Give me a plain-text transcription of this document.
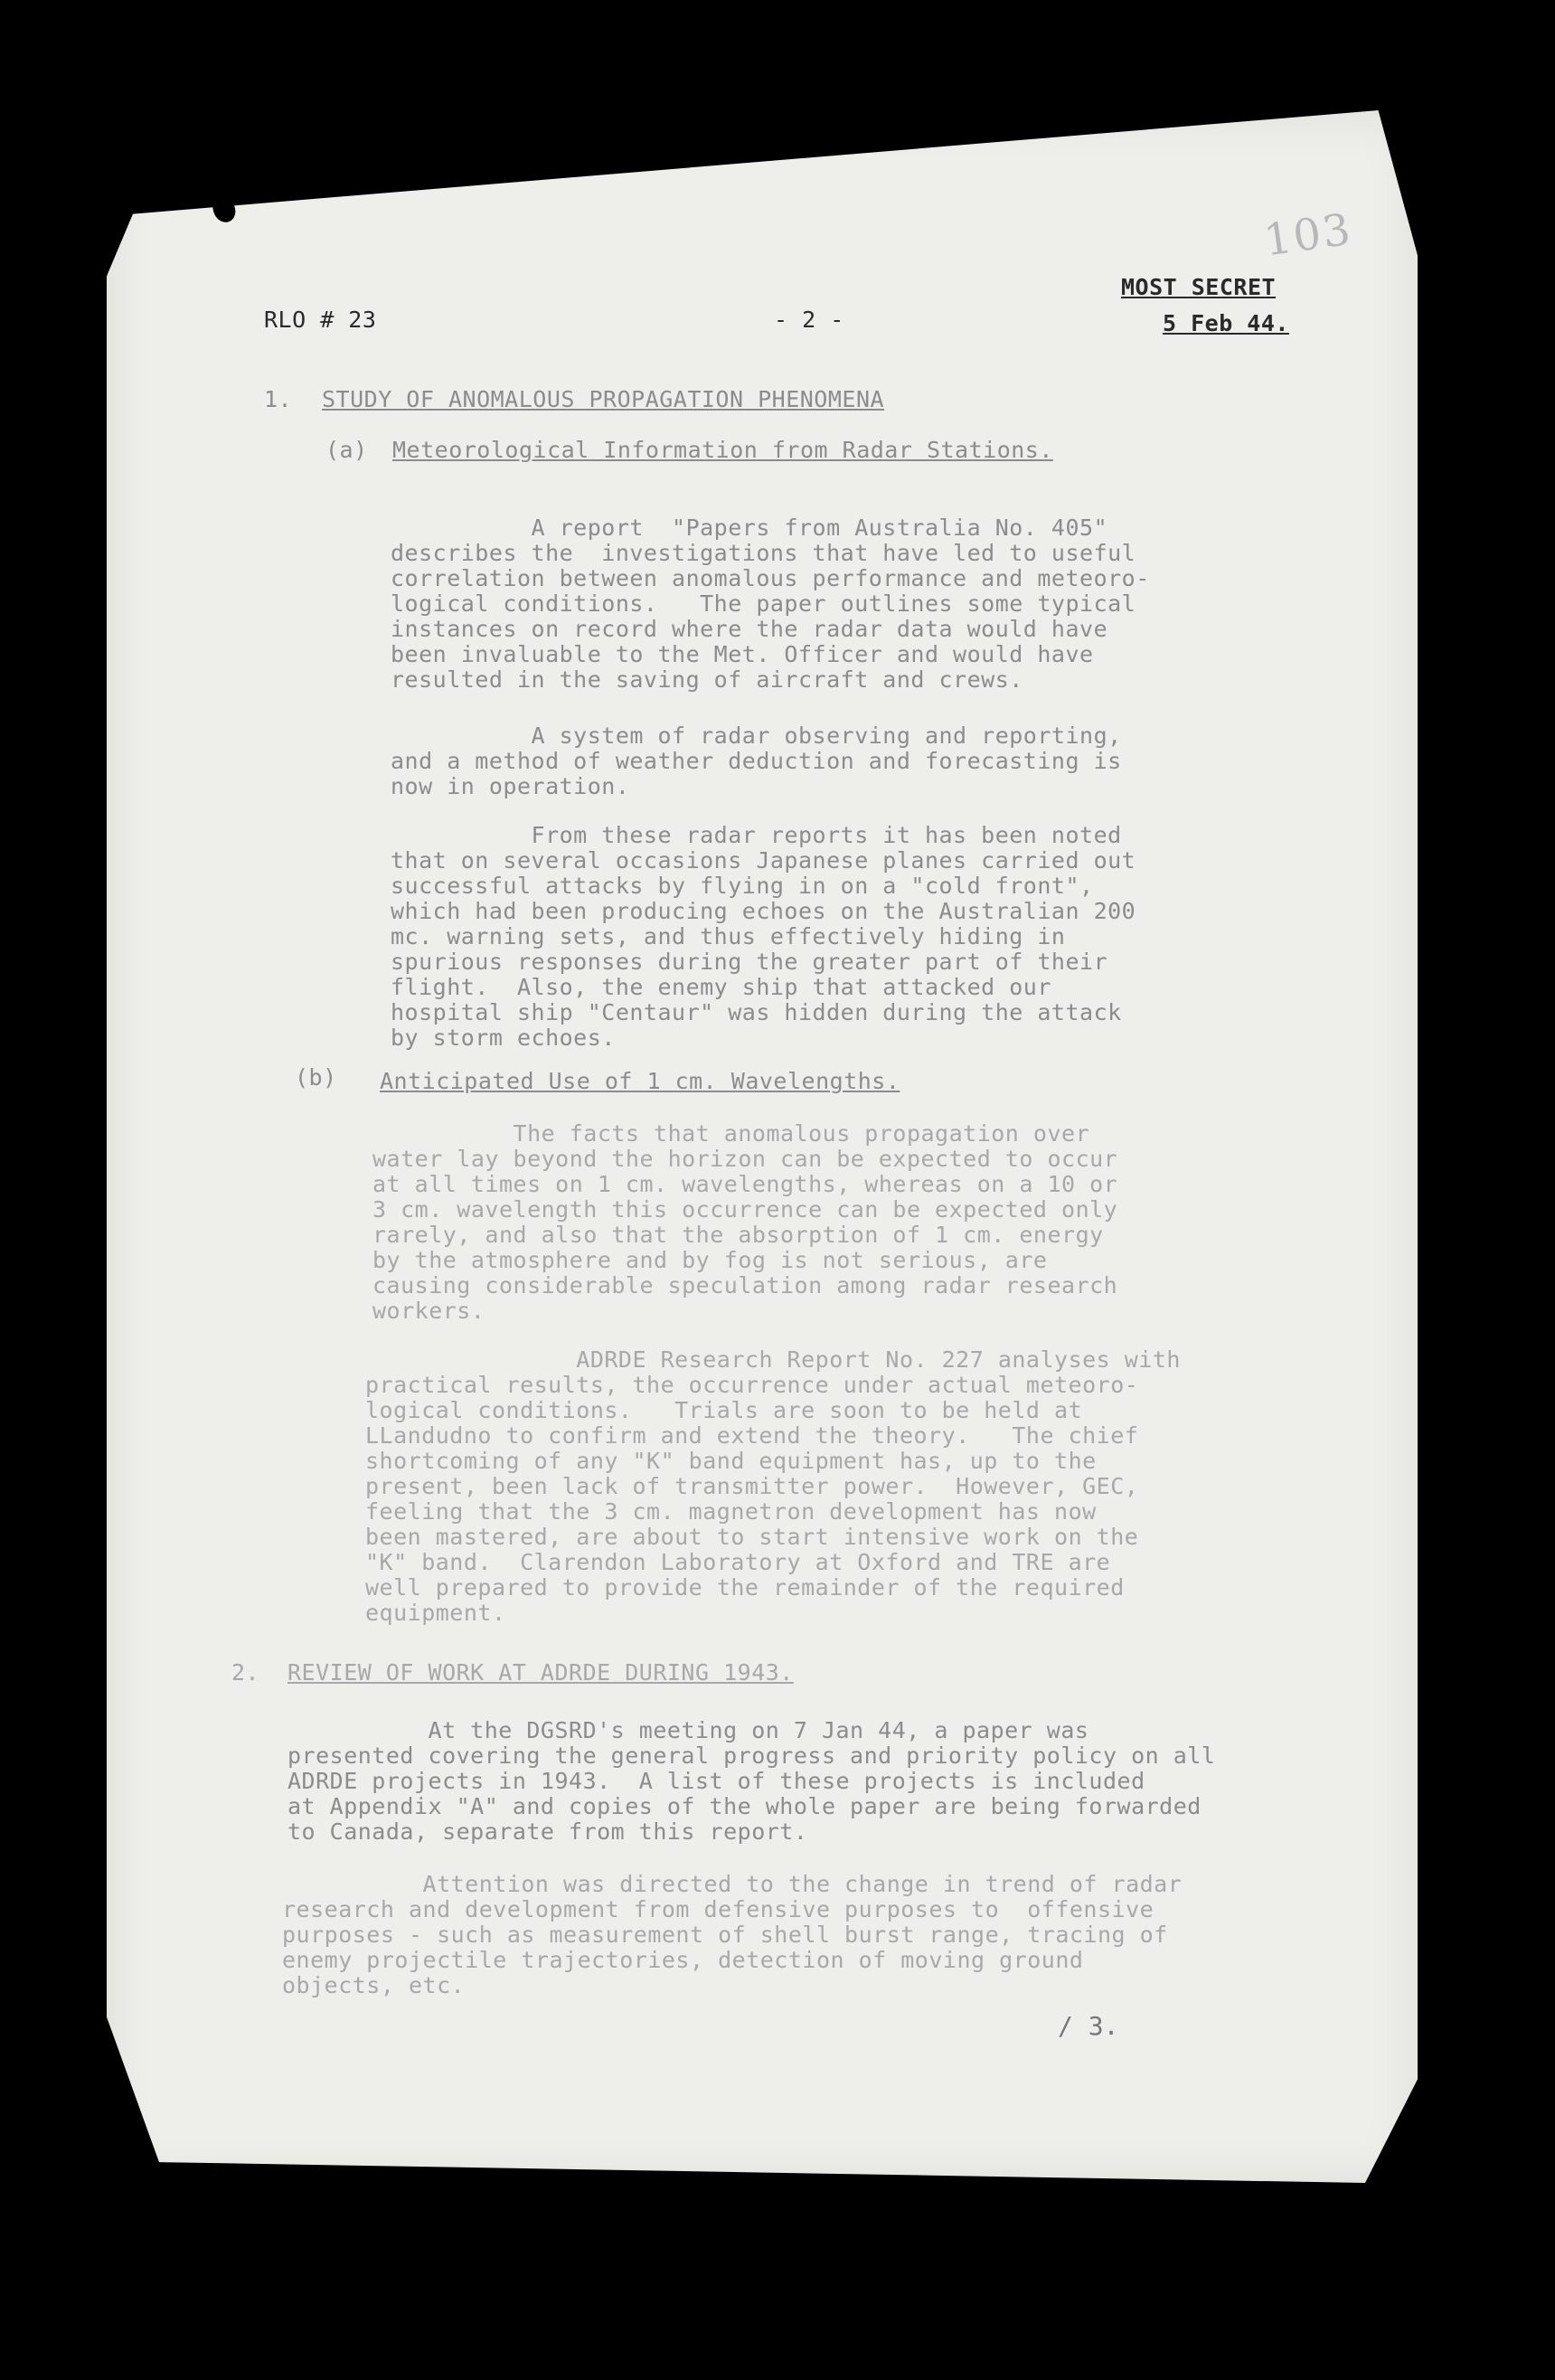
103
MOST SECRET
RLO # 23	- 2 -	5 Feb 44.
1. STUDY OF ANOMALOUS PROPAGATION PHENOMENA
(a) Meteorological Information from Radar Stations.
A report  "Papers from Australia No. 405"
describes the  investigations that have led to useful
correlation between anomalous performance and meteoro-
logical conditions.   The paper outlines some typical
instances on record where the radar data would have
been invaluable to the Met. Officer and would have
resulted in the saving of aircraft and crews.
A system of radar observing and reporting,
and a method of weather deduction and forecasting is
now in operation.
From these radar reports it has been noted
that on several occasions Japanese planes carried out
successful attacks by flying in on a "cold front",
which had been producing echoes on the Australian 200
mc. warning sets, and thus effectively hiding in
spurious responses during the greater part of their
flight.  Also, the enemy ship that attacked our
hospital ship "Centaur" was hidden during the attack
by storm echoes.
(b) Anticipated Use of 1 cm. Wavelengths.
The facts that anomalous propagation over
water lay beyond the horizon can be expected to occur
at all times on 1 cm. wavelengths, whereas on a 10 or
3 cm. wavelength this occurrence can be expected only
rarely, and also that the absorption of 1 cm. energy
by the atmosphere and by fog is not serious, are
causing considerable speculation among radar research
workers.
ADRDE Research Report No. 227 analyses with
practical results, the occurrence under actual meteoro-
logical conditions.   Trials are soon to be held at
LLandudno to confirm and extend the theory.   The chief
shortcoming of any "K" band equipment has, up to the
present, been lack of transmitter power.  However, GEC,
feeling that the 3 cm. magnetron development has now
been mastered, are about to start intensive work on the
"K" band.  Clarendon Laboratory at Oxford and TRE are
well prepared to provide the remainder of the required
equipment.
2. REVIEW OF WORK AT ADRDE DURING 1943.
At the DGSRD's meeting on 7 Jan 44, a paper was
presented covering the general progress and priority policy on all
ADRDE projects in 1943.  A list of these projects is included
at Appendix "A" and copies of the whole paper are being forwarded
to Canada, separate from this report.
Attention was directed to the change in trend of radar
research and development from defensive purposes to  offensive
purposes - such as measurement of shell burst range, tracing of
enemy projectile trajectories, detection of moving ground
objects, etc.
/ 3.
